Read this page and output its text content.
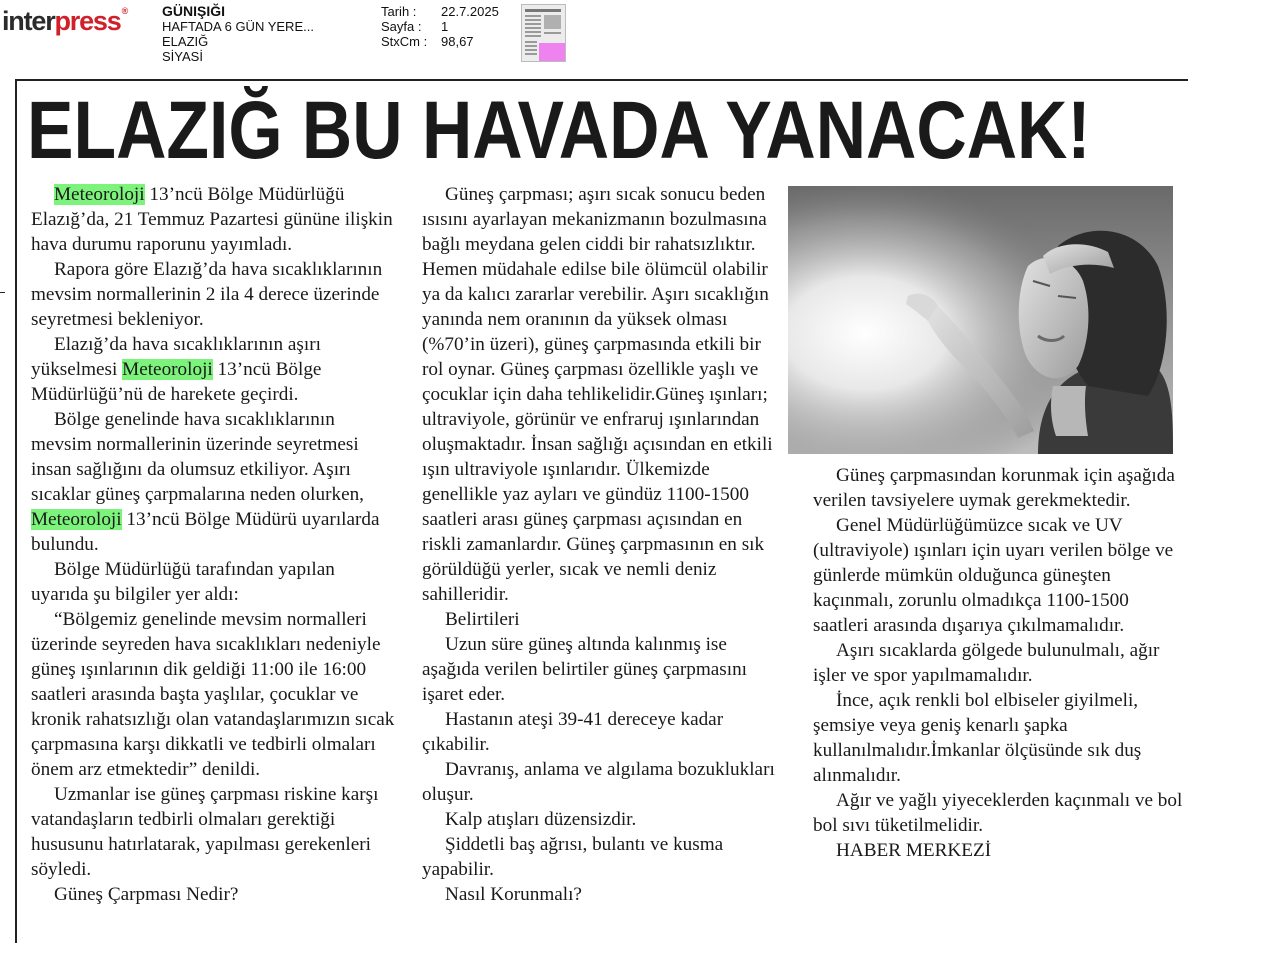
interpress® GÜNIŞIĞI
HAFTADA 6 GÜN YERE...
ELAZIĞ
SİYASİ
Tarih :	22.7.2025
Sayfa :	1
StxCm :	98,67
ELAZIĞ BU HAVADA YANACAK!

Meteoroloji 13’ncü Bölge Müdürlüğü Elazığ’da, 21 Temmuz Pazartesi gününe ilişkin hava durumu raporunu yayımladı.

Rapora göre Elazığ’da hava sıcaklıklarının mevsim normallerinin 2 ila 4 derece üzerinde seyretmesi bekleniyor.

Elazığ’da hava sıcaklıklarının aşırı yükselmesi Meteoroloji 13’ncü Bölge Müdürlüğü’nü de harekete geçirdi.

Bölge genelinde hava sıcaklıklarının mevsim normallerinin üzerinde seyretmesi insan sağlığını da olumsuz etkiliyor. Aşırı sıcaklar güneş çarpmalarına neden olurken, Meteoroloji 13’ncü Bölge Müdürü uyarılarda bulundu.

Bölge Müdürlüğü tarafından yapılan uyarıda şu bilgiler yer aldı:

“Bölgemiz genelinde mevsim normalleri üzerinde seyreden hava sıcaklıkları nedeniyle güneş ışınlarının dik geldiği 11:00 ile 16:00 saatleri arasında başta yaşlılar, çocuklar ve kronik rahatsızlığı olan vatandaşlarımızın sıcak çarpmasına karşı dikkatli ve tedbirli olmaları önem arz etmektedir” denildi.

Uzmanlar ise güneş çarpması riskine karşı vatandaşların tedbirli olmaları gerektiği hususunu hatırlatarak, yapılması gerekenleri söyledi.

Güneş Çarpması Nedir?

Güneş çarpması; aşırı sıcak sonucu beden ısısını ayarlayan mekanizmanın bozulmasına bağlı meydana gelen ciddi bir rahatsızlıktır. Hemen müdahale edilse bile ölümcül olabilir ya da kalıcı zararlar verebilir. Aşırı sıcaklığın yanında nem oranının da yüksek olması (%70’in üzeri), güneş çarpmasında etkili bir rol oynar. Güneş çarpması özellikle yaşlı ve çocuklar için daha tehlikelidir.Güneş ışınları; ultraviyole, görünür ve enfraruj ışınlarından oluşmaktadır. İnsan sağlığı açısından en etkili ışın ultraviyole ışınlarıdır. Ülkemizde genellikle yaz ayları ve gündüz 1100-1500 saatleri arası güneş çarpması açısından en riskli zamanlardır. Güneş çarpmasının en sık görüldüğü yerler, sıcak ve nemli deniz sahilleridir.

Belirtileri

Uzun süre güneş altında kalınmış ise aşağıda verilen belirtiler güneş çarpmasını işaret eder.

Hastanın ateşi 39-41 dereceye kadar çıkabilir.

Davranış, anlama ve algılama bozuklukları oluşur.

Kalp atışları düzensizdir.

Şiddetli baş ağrısı, bulantı ve kusma yapabilir.

Nasıl Korunmalı?

Güneş çarpmasından korunmak için aşağıda verilen tavsiyelere uymak gerekmektedir.

Genel Müdürlüğümüzce sıcak ve UV (ultraviyole) ışınları için uyarı verilen bölge ve günlerde mümkün olduğunca güneşten kaçınmalı, zorunlu olmadıkça 1100-1500 saatleri arasında dışarıya çıkılmamalıdır.

Aşırı sıcaklarda gölgede bulunulmalı, ağır işler ve spor yapılmamalıdır.

İnce, açık renkli bol elbiseler giyilmeli, şemsiye veya geniş kenarlı şapka kullanılmalıdır.İmkanlar ölçüsünde sık duş alınmalıdır.

Ağır ve yağlı yiyeceklerden kaçınmalı ve bol bol sıvı tüketilmelidir.

HABER MERKEZİ
